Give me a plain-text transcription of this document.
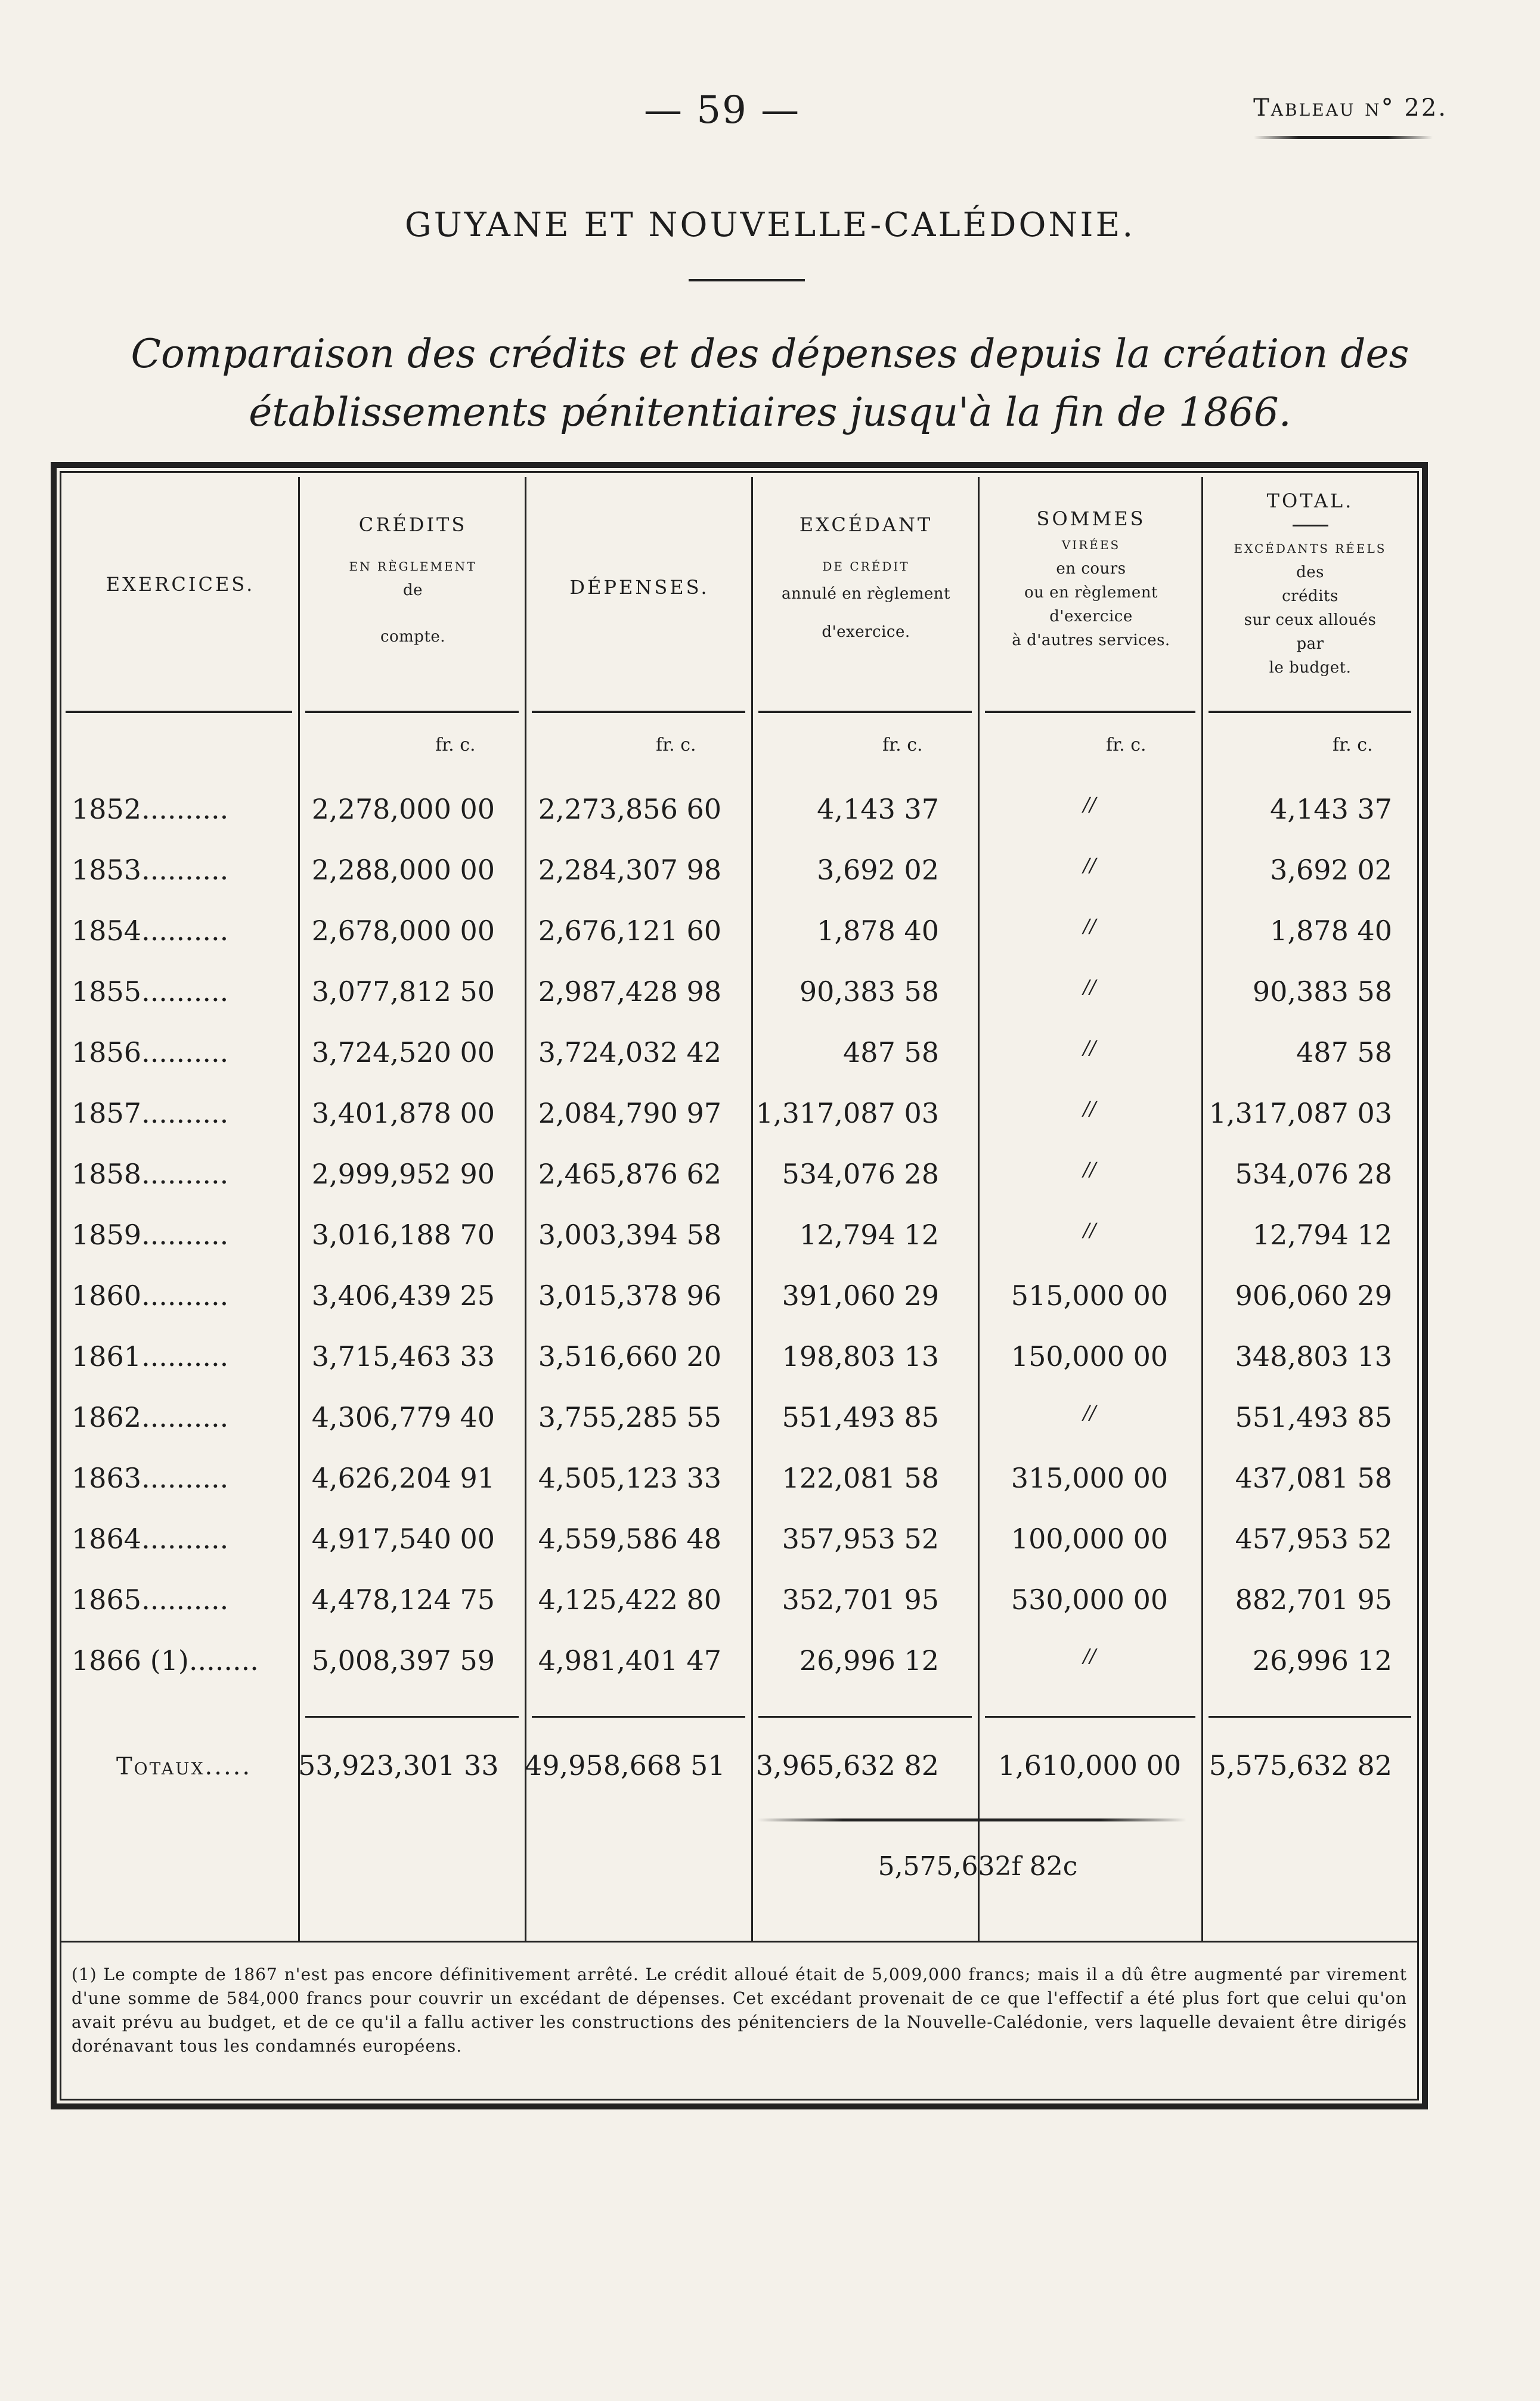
— 59 —	Tableau n° 22.
GUYANE ET NOUVELLE-CALÉDONIE.
Comparaison des crédits et des dépenses depuis la création des établissements pénitentiaires jusqu'à la fin de 1866.
EXERCICES.
CRÉDITS
EN RÈGLEMENT
de
compte.
DÉPENSES.
EXCÉDANT
DE CRÉDIT
annulé en règlement
d'exercice.
SOMMES
VIRÉES
en cours
ou en règlement
d'exercice
à d'autres services.
TOTAL.
EXCÉDANTS RÉELS
des
crédits
sur ceux alloués
par
le budget.
fr. c.	fr. c.	fr. c.	fr. c.	fr. c.
1852..........	2,278,000 00	2,273,856 60	4,143 37	//	4,143 37
1853..........	2,288,000 00	2,284,307 98	3,692 02	//	3,692 02
1854..........	2,678,000 00	2,676,121 60	1,878 40	//	1,878 40
1855..........	3,077,812 50	2,987,428 98	90,383 58	//	90,383 58
1856..........	3,724,520 00	3,724,032 42	487 58	//	487 58
1857..........	3,401,878 00	2,084,790 97 1,317,087 03	//	1,317,087 03
1858..........	2,999,952 90	2,465,876 62	534,076 28	//	534,076 28
1859..........	3,016,188 70	3,003,394 58	12,794 12	//	12,794 12
1860..........	3,406,439 25	3,015,378 96	391,060 29	515,000 00	906,060 29
1861..........	3,715,463 33	3,516,660 20	198,803 13	150,000 00	348,803 13
1862..........	4,306,779 40	3,755,285 55	551,493 85	//	551,493 85
1863..........	4,626,204 91	4,505,123 33	122,081 58	315,000 00	437,081 58
1864..........	4,917,540 00	4,559,586 48	357,953 52	100,000 00	457,953 52
1865..........	4,478,124 75	4,125,422 80	352,701 95	530,000 00	882,701 95
1866 (1)........	5,008,397 59	4,981,401 47	26,996 12	//	26,996 12
Totaux..... 53,923,301 33 49,958,668 51 3,965,632 82	1,610,000 00	5,575,632 82
5,575,632f 82c
(1) Le compte de 1867 n'est pas encore définitivement arrêté. Le crédit alloué était de 5,009,000 francs; mais il a dû être augmenté par virement d'une somme de 584,000 francs pour couvrir un excédant de dépenses. Cet excédant provenait de ce que l'effectif a été plus fort que celui qu'on avait prévu au budget, et de ce qu'il a fallu activer les constructions des pénitenciers de la Nouvelle-Calédonie, vers laquelle devaient être dirigés dorénavant tous les condamnés européens.
